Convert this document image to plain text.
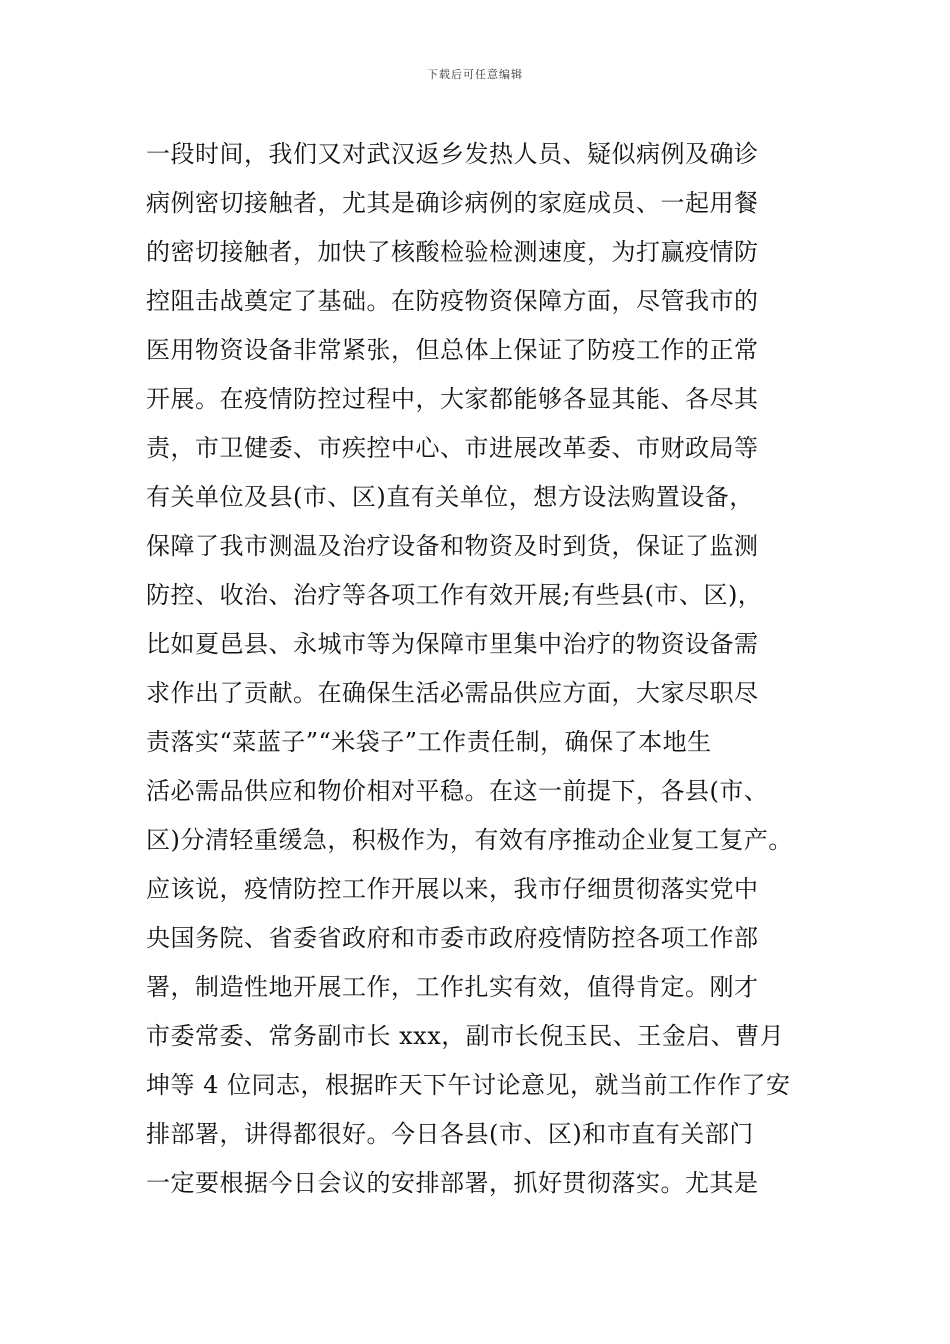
下载后可任意编辑
一段时间，我们又对武汉返乡发热人员、疑似病例及确诊
病例密切接触者，尤其是确诊病例的家庭成员、一起用餐
的密切接触者，加快了核酸检验检测速度，为打赢疫情防
控阻击战奠定了基础。在防疫物资保障方面，尽管我市的
医用物资设备非常紧张，但总体上保证了防疫工作的正常
开展。在疫情防控过程中，大家都能够各显其能、各尽其
责，市卫健委、市疾控中心、市进展改革委、市财政局等
有关单位及县(市、区)直有关单位，想方设法购置设备，
保障了我市测温及治疗设备和物资及时到货，保证了监测
防控、收治、治疗等各项工作有效开展;有些县(市、区)，
比如夏邑县、永城市等为保障市里集中治疗的物资设备需
求作出了贡献。在确保生活必需品供应方面，大家尽职尽
责落实“菜蓝子”“米袋子”工作责任制，确保了本地生
活必需品供应和物价相对平稳。在这一前提下，各县(市、
区)分清轻重缓急，积极作为，有效有序推动企业复工复产。
应该说，疫情防控工作开展以来，我市仔细贯彻落实党中
央国务院、省委省政府和市委市政府疫情防控各项工作部
署，制造性地开展工作，工作扎实有效，值得肯定。刚才
市委常委、常务副市长 xxx，副市长倪玉民、王金启、曹月
坤等 4 位同志，根据昨天下午讨论意见，就当前工作作了安
排部署，讲得都很好。今日各县(市、区)和市直有关部门
一定要根据今日会议的安排部署，抓好贯彻落实。尤其是
